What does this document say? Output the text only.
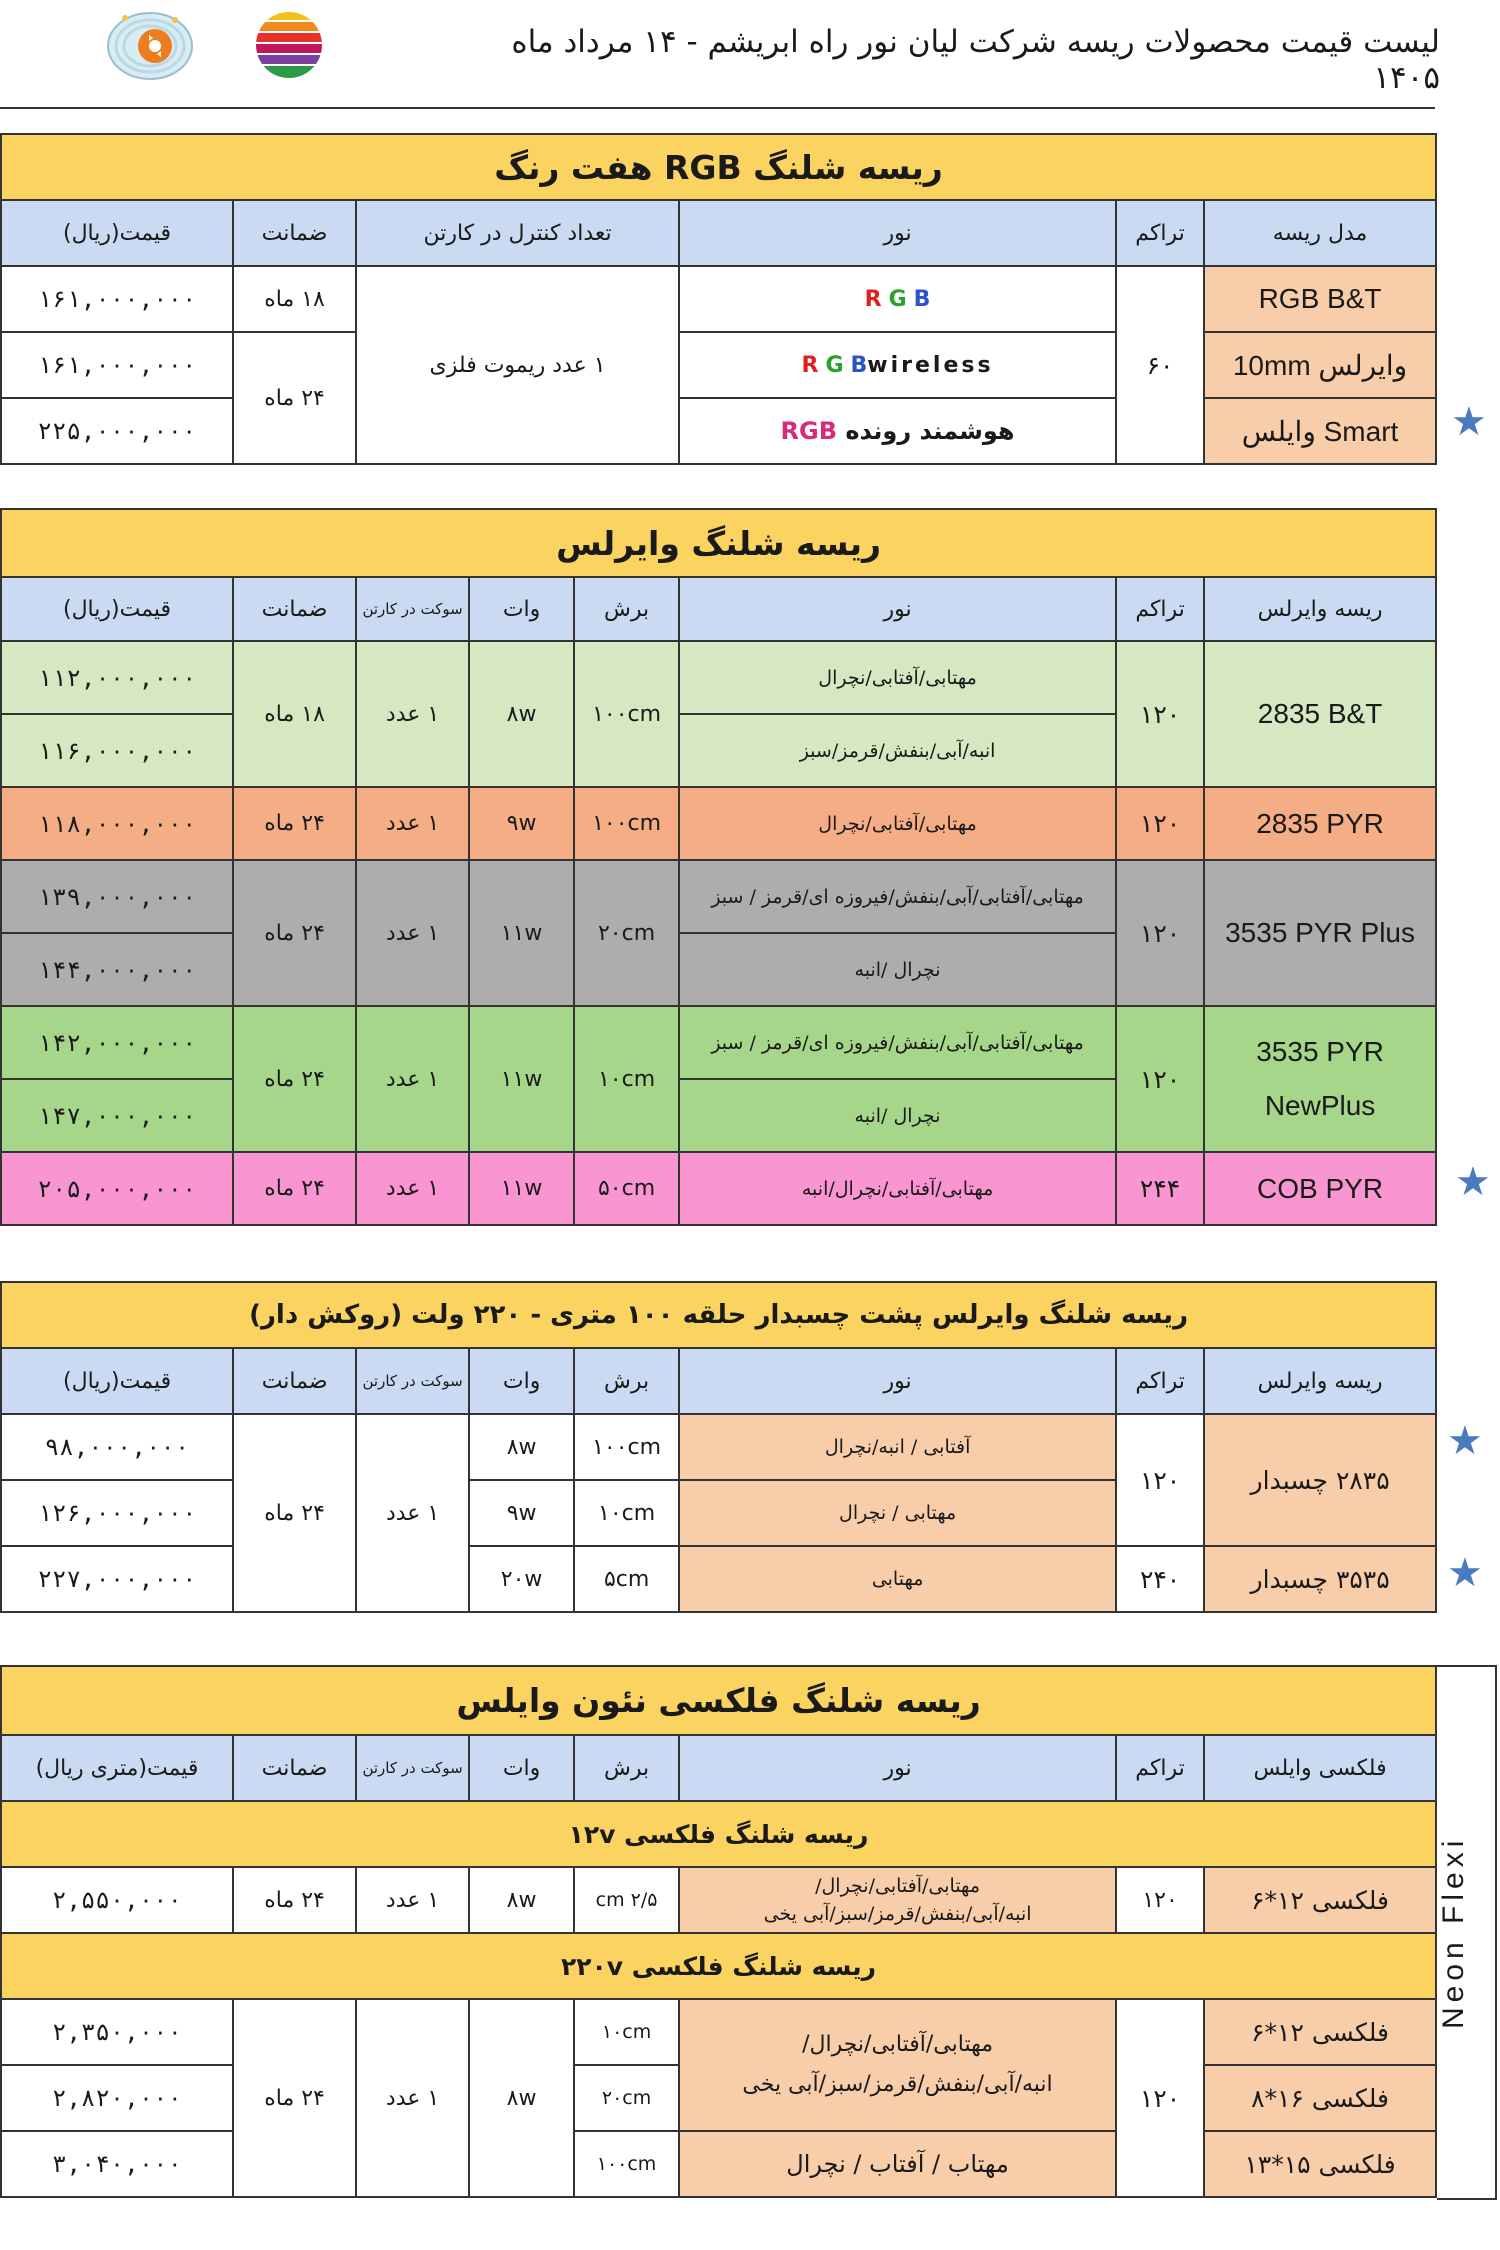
لیست قیمت محصولات ریسه شرکت لیان نور راه ابریشم - ۱۴ مرداد ماه ۱۴۰۵
ریسه شلنگ RGB هفت رنگ					
مدل ریسه	تراکم	نور	تعداد کنترل در کارتن	ضمانت	قیمت(ریال)
RGB B&T	۶۰	R G B	۱ عدد ریموت فلزی	۱۸ ماه	۱۶۱,۰۰۰,۰۰۰
وایرلس 10mm		R G Bwireless		۲۴ ماه	۱۶۱,۰۰۰,۰۰۰
Smart وایلس		هوشمند رونده RGB			۲۲۵,۰۰۰,۰۰۰	★
ریسه شلنگ وایرلس							
ریسه وایرلس	تراکم	نور	برش	وات	سوکت در کارتن	ضمانت	قیمت(ریال)
2835 B&T	۱۲۰	مهتابی/آفتابی/نچرال	۱۰۰cm	۸w	۱ عدد	۱۸ ماه	۱۱۲,۰۰۰,۰۰۰
		انبه/آبی/بنفش/قرمز/سبز					۱۱۶,۰۰۰,۰۰۰
2835 PYR	۱۲۰	مهتابی/آفتابی/نچرال	۱۰۰cm	۹w	۱ عدد	۲۴ ماه	۱۱۸,۰۰۰,۰۰۰
3535 PYR Plus	۱۲۰	مهتابی/آفتابی/آبی/بنفش/فیروزه ای/قرمز / سبز	۲۰cm	۱۱w	۱ عدد	۲۴ ماه	۱۳۹,۰۰۰,۰۰۰
		نچرال /انبه					۱۴۴,۰۰۰,۰۰۰

3535 PYR
NewPlus	۱۲۰	مهتابی/آفتابی/آبی/بنفش/فیروزه ای/قرمز / سبز	۱۰cm	۱۱w	۱ عدد	۲۴ ماه	۱۴۲,۰۰۰,۰۰۰
		نچرال /انبه					۱۴۷,۰۰۰,۰۰۰
COB PYR	۲۴۴	مهتابی/آفتابی/نچرال/انبه	۵۰cm	۱۱w	۱ عدد	۲۴ ماه	۲۰۵,۰۰۰,۰۰۰	★
ریسه شلنگ وایرلس پشت چسبدار حلقه ۱۰۰ متری - ۲۲۰ ولت (روکش دار)							
ریسه وایرلس	تراکم	نور	برش	وات	سوکت در کارتن	ضمانت	قیمت(ریال)
۲۸۳۵ چسبدار	۱۲۰	آفتابی / انبه/نچرال	۱۰۰cm	۸w	۱ عدد	۲۴ ماه	۹۸,۰۰۰,۰۰۰
		مهتابی / نچرال	۱۰cm	۹w			۱۲۶,۰۰۰,۰۰۰
۳۵۳۵ چسبدار	۲۴۰	مهتابی	۵cm	۲۰w			۲۲۷,۰۰۰,۰۰۰
★
★
ریسه شلنگ فلکسی نئون وایلس							
فلکسی وایلس	تراکم	نور	برش	وات	سوکت در کارتن	ضمانت	قیمت(متری ریال)
ریسه شلنگ فلکسی ۱۲v							
فلکسی ۱۲*۶	۱۲۰	مهتابی/آفتابی/نچرال/
انبه/آبی/بنفش/قرمز/سبز/آبی یخی	۲/۵ cm	۸w	۱ عدد	۲۴ ماه	۲,۵۵۰,۰۰۰
ریسه شلنگ فلکسی ۲۲۰v							
فلکسی ۱۲*۶	۱۲۰	مهتابی/آفتابی/نچرال/
انبه/آبی/بنفش/قرمز/سبز/آبی یخی	۱۰cm	۸w	۱ عدد	۲۴ ماه	۲,۳۵۰,۰۰۰
فلکسی ۱۶*۸			۲۰cm				۲,۸۲۰,۰۰۰
فلکسی ۱۵*۱۳		مهتاب / آفتاب / نچرال	۱۰۰cm				۳,۰۴۰,۰۰۰
Neon Flexi
